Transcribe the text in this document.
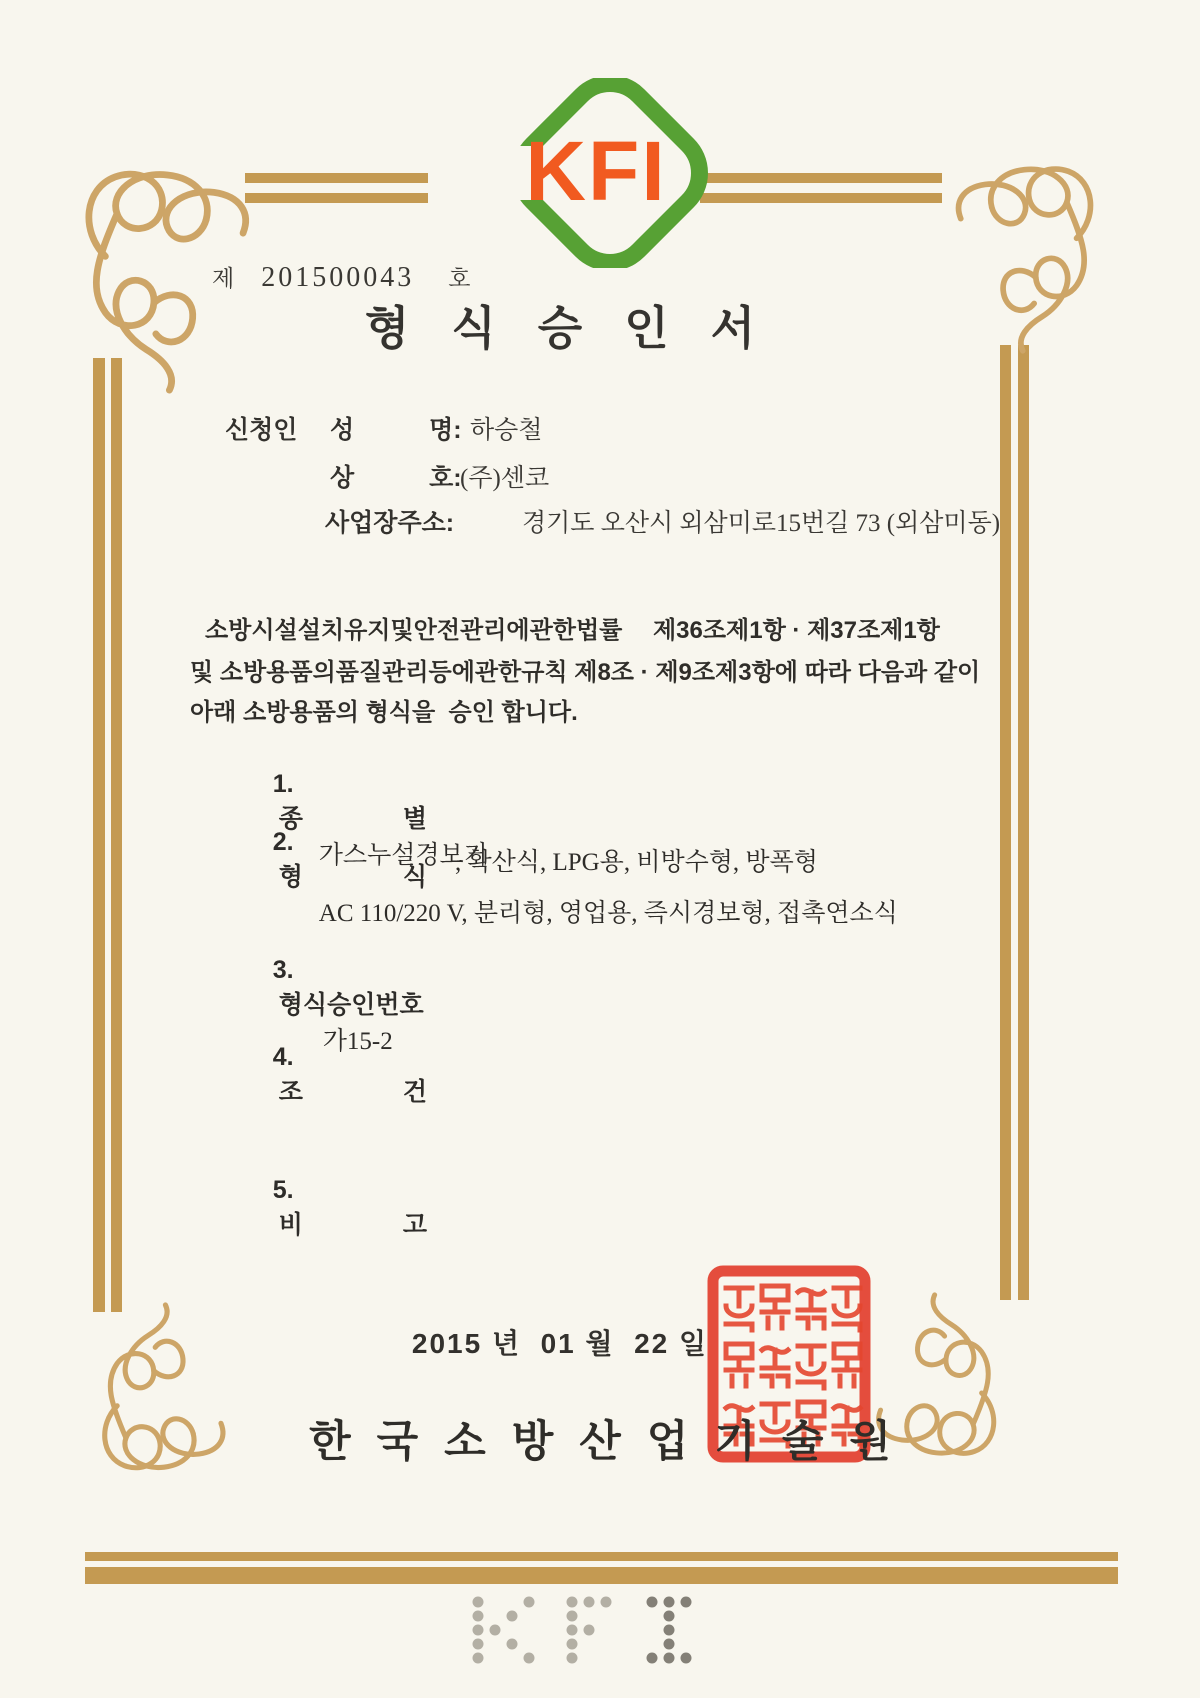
KFI

제 201500043 호

형식승인서
신청인 성　　　명: 하승철
상　　　호:
(주)센코
사업장주소:	경기도 오산시 외삼미로15번길 73 (외삼미동)
소방시설설치유지및안전관리에관한법률　 제36조제1항 · 제37조제1항
및 소방용품의품질관리등에관한규칙 제8조 · 제9조제3항에 따라 다음과 같이
아래 소방용품의 형식을  승인 합니다.

1.
종　　　　별
가스누설경보기

2.
형　　　　식
AC 110/220 V, 분리형, 영업용, 즉시경보형, 접촉연소식

, 확산식, LPG용, 비방수형, 방폭형

3.
형식승인번호
가15-2

4.
조　　　　건

5.
비　　　　고

2015 년  01 월  22 일
한국소방산업기술원
